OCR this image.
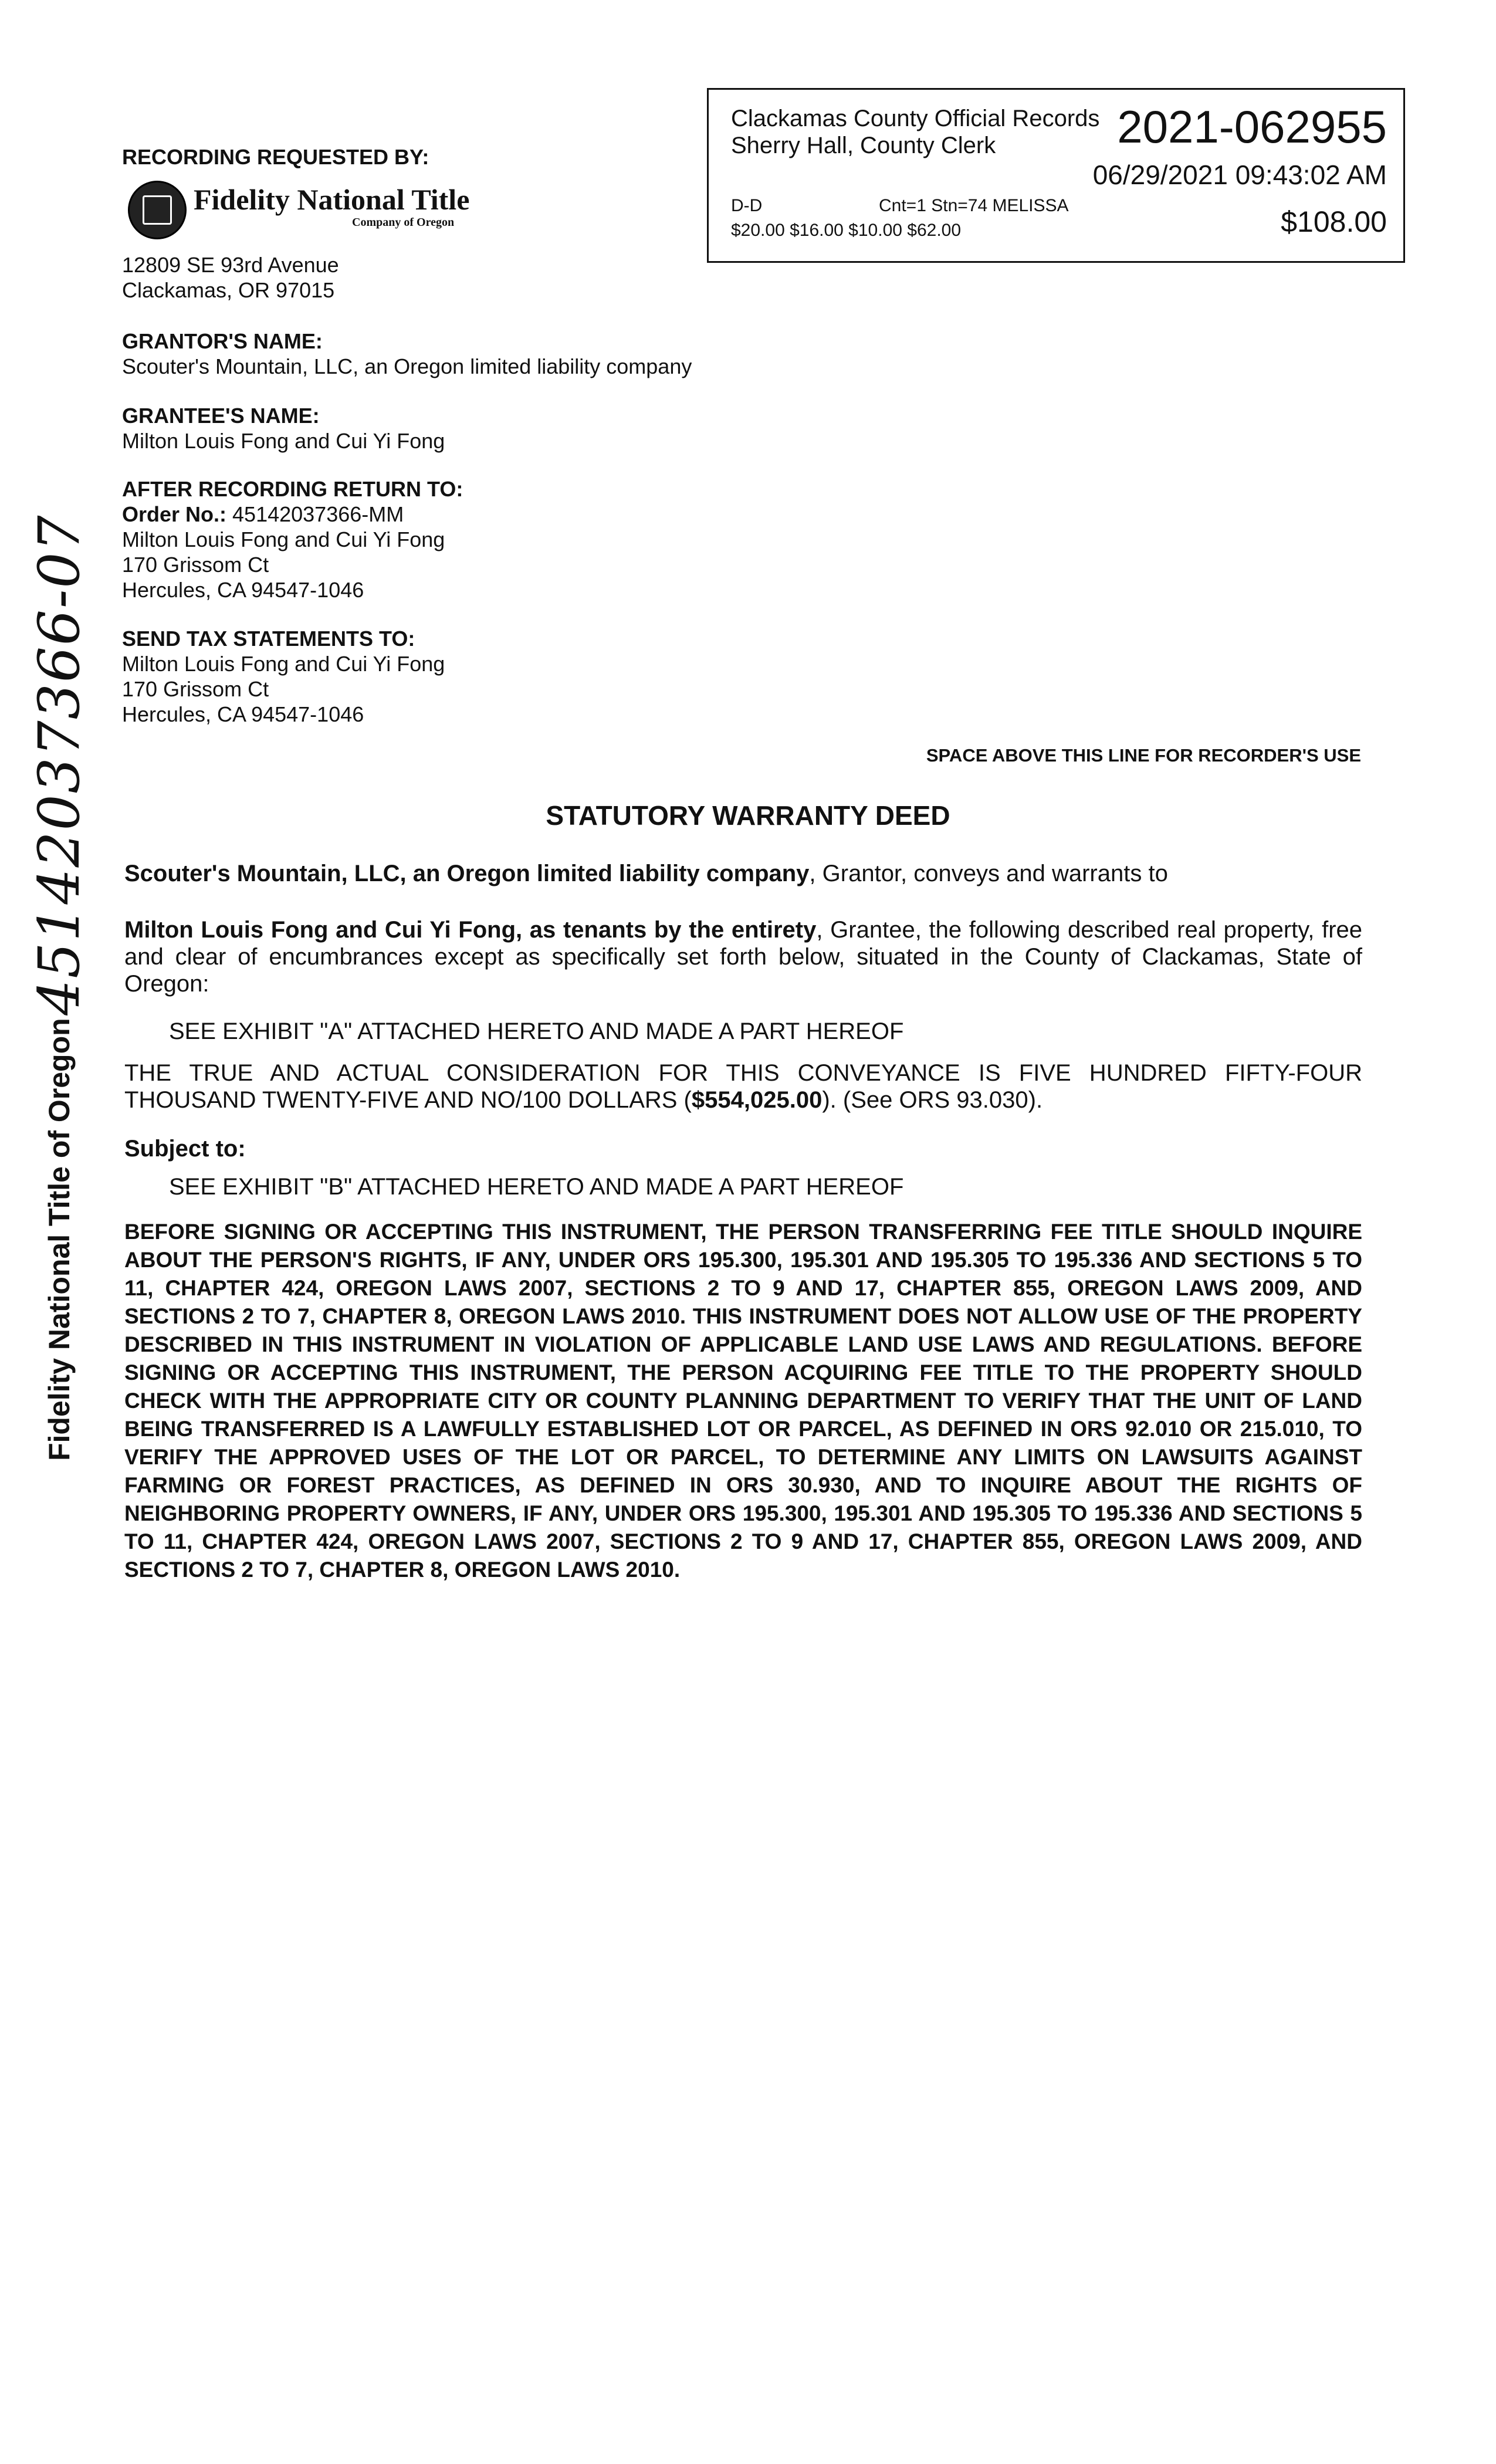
Clackamas County Official Records
Sherry Hall, County Clerk	2021-062955
06/29/2021 09:43:02 AM
D-D	Cnt=1 Stn=74 MELISSA
$20.00 $16.00 $10.00 $62.00	$108.00
RECORDING REQUESTED BY:
Fidelity National Title
Company of Oregon
12809 SE 93rd Avenue
Clackamas, OR 97015
GRANTOR'S NAME:
Scouter's Mountain, LLC, an Oregon limited liability company
GRANTEE'S NAME:
Milton Louis Fong and Cui Yi Fong
AFTER RECORDING RETURN TO:
Order No.: 45142037366-MM
Milton Louis Fong and Cui Yi Fong
170 Grissom Ct
Hercules, CA 94547-1046
SEND TAX STATEMENTS TO:
Milton Louis Fong and Cui Yi Fong
170 Grissom Ct
Hercules, CA 94547-1046
Fidelity National Title of Oregon 45142037366-07	SPACE ABOVE THIS LINE FOR RECORDER'S USE
STATUTORY WARRANTY DEED
Scouter's Mountain, LLC, an Oregon limited liability company, Grantor, conveys and warrants to
Milton Louis Fong and Cui Yi Fong, as tenants by the entirety, Grantee, the following described real property, free and clear of encumbrances except as specifically set forth below, situated in the County of Clackamas, State of Oregon:
SEE EXHIBIT "A" ATTACHED HERETO AND MADE A PART HEREOF
THE TRUE AND ACTUAL CONSIDERATION FOR THIS CONVEYANCE IS FIVE HUNDRED FIFTY-FOUR THOUSAND TWENTY-FIVE AND NO/100 DOLLARS ($554,025.00). (See ORS 93.030).
Subject to:
SEE EXHIBIT "B" ATTACHED HERETO AND MADE A PART HEREOF
BEFORE SIGNING OR ACCEPTING THIS INSTRUMENT, THE PERSON TRANSFERRING FEE TITLE SHOULD INQUIRE ABOUT THE PERSON'S RIGHTS, IF ANY, UNDER ORS 195.300, 195.301 AND 195.305 TO 195.336 AND SECTIONS 5 TO 11, CHAPTER 424, OREGON LAWS 2007, SECTIONS 2 TO 9 AND 17, CHAPTER 855, OREGON LAWS 2009, AND SECTIONS 2 TO 7, CHAPTER 8, OREGON LAWS 2010. THIS INSTRUMENT DOES NOT ALLOW USE OF THE PROPERTY DESCRIBED IN THIS INSTRUMENT IN VIOLATION OF APPLICABLE LAND USE LAWS AND REGULATIONS. BEFORE SIGNING OR ACCEPTING THIS INSTRUMENT, THE PERSON ACQUIRING FEE TITLE TO THE PROPERTY SHOULD CHECK WITH THE APPROPRIATE CITY OR COUNTY PLANNING DEPARTMENT TO VERIFY THAT THE UNIT OF LAND BEING TRANSFERRED IS A LAWFULLY ESTABLISHED LOT OR PARCEL, AS DEFINED IN ORS 92.010 OR 215.010, TO VERIFY THE APPROVED USES OF THE LOT OR PARCEL, TO DETERMINE ANY LIMITS ON LAWSUITS AGAINST FARMING OR FOREST PRACTICES, AS DEFINED IN ORS 30.930, AND TO INQUIRE ABOUT THE RIGHTS OF NEIGHBORING PROPERTY OWNERS, IF ANY, UNDER ORS 195.300, 195.301 AND 195.305 TO 195.336 AND SECTIONS 5 TO 11, CHAPTER 424, OREGON LAWS 2007, SECTIONS 2 TO 9 AND 17, CHAPTER 855, OREGON LAWS 2009, AND SECTIONS 2 TO 7, CHAPTER 8, OREGON LAWS 2010.
